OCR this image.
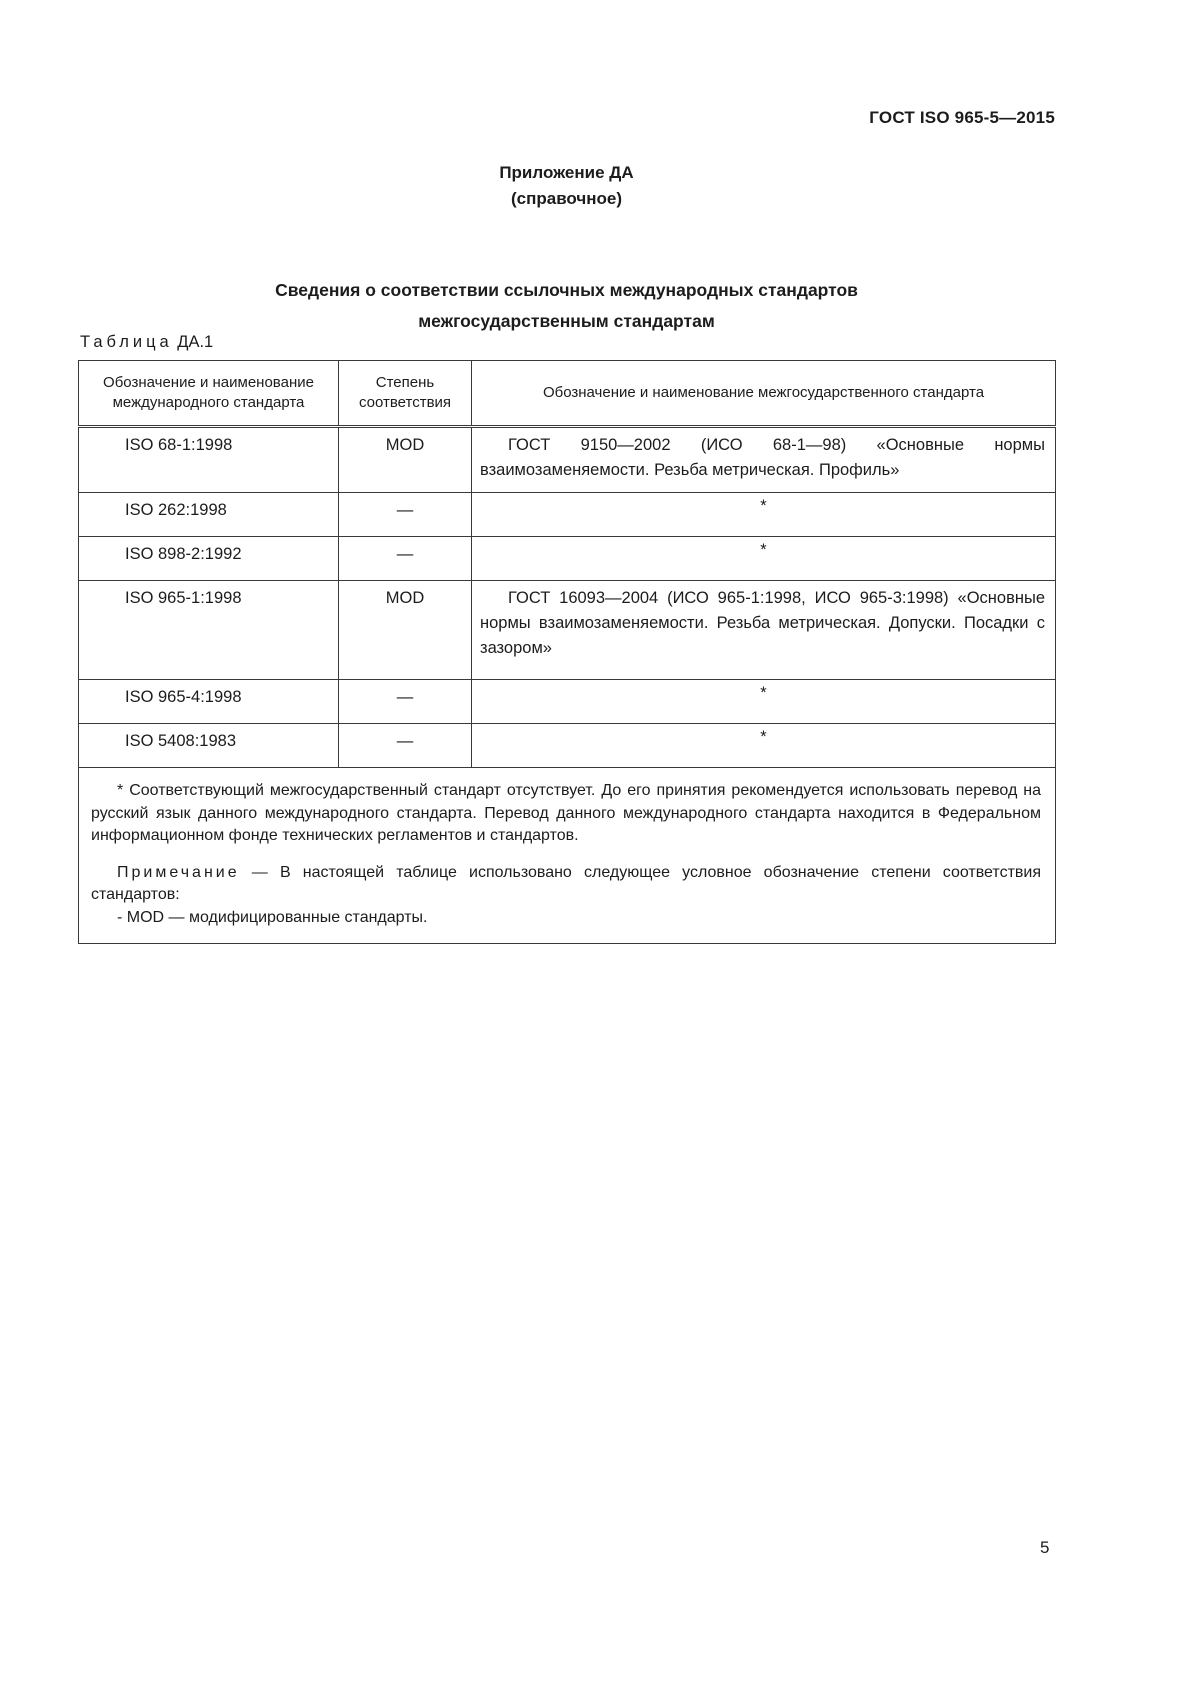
ГОСТ ISO 965-5—2015
Приложение ДА
(справочное)
Сведения о соответствии ссылочных международных стандартов
межгосударственным стандартам
Таблица ДА.1
Обозначение и наименование международного стандарта	Степень соответствия	Обозначение и наименование межгосударственного стандарта
ISO 68-1:1998	MOD	ГОСТ 9150—2002 (ИСО 68-1—98) «Основные нормы взаимозаменяемости. Резьба метрическая. Профиль»
ISO 262:1998	—	*
ISO 898-2:1992	—	*
ISO 965-1:1998	MOD	ГОСТ 16093—2004 (ИСО 965-1:1998, ИСО 965-3:1998) «Основные нормы взаимозаменяемости. Резьба метрическая. Допуски. Посадки с зазором»
ISO 965-4:1998	—	*
ISO 5408:1983	—	*

* Соответствующий межгосударственный стандарт отсутствует. До его принятия рекомендуется использовать перевод на русский язык данного международного стандарта. Перевод данного международного стандарта находится в Федеральном информационном фонде технических регламентов и стандартов.

Примечание — В настоящей таблице использовано следующее условное обозначение степени соответствия стандартов:

- MOD — модифицированные стандарты.		

5
